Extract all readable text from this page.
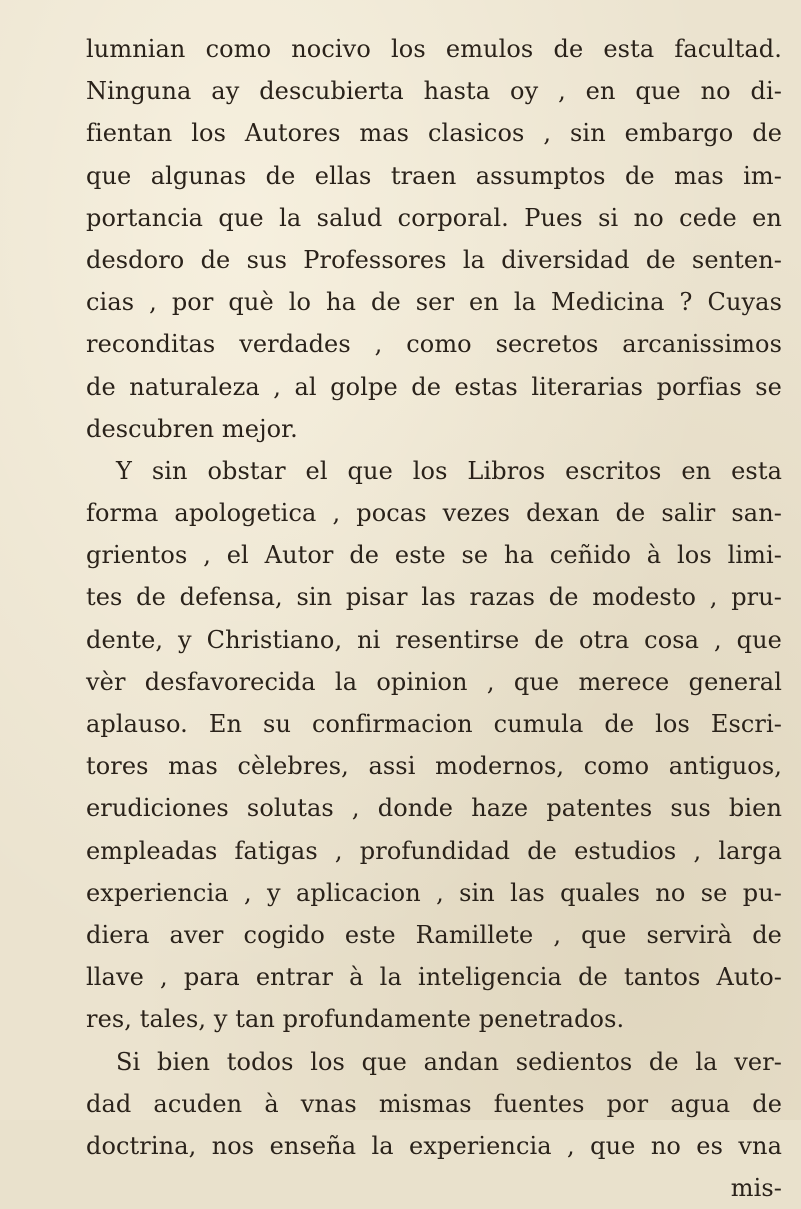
lumnian como nocivo los emulos de esta facultad.
Ninguna ay descubierta hasta oy , en que no di-
fientan los Autores mas clasicos , sin embargo de
que algunas de ellas traen assumptos de mas im-
portancia que la salud corporal. Pues si no cede en
desdoro de sus Professores la diversidad de senten-
cias , por què lo ha de ser en la Medicina ? Cuyas
reconditas verdades , como secretos arcanissimos
de naturaleza , al golpe de estas literarias porfias se
descubren mejor.
Y sin obstar el que los Libros escritos en esta
forma apologetica , pocas vezes dexan de salir san-
grientos , el Autor de este se ha ceñido à los limi-
tes de defensa, sin pisar las razas de modesto , pru-
dente, y Christiano, ni resentirse de otra cosa , que
vèr desfavorecida la opinion , que merece general
aplauso. En su confirmacion cumula de los Escri-
tores mas cèlebres, assi modernos, como antiguos,
erudiciones solutas , donde haze patentes sus bien
empleadas fatigas , profundidad de estudios , larga
experiencia , y aplicacion , sin las quales no se pu-
diera aver cogido este Ramillete , que servirà de
llave , para entrar à la inteligencia de tantos Auto-
res, tales, y tan profundamente penetrados.
Si bien todos los que andan sedientos de la ver-
dad acuden à vnas mismas fuentes por agua de
doctrina, nos enseña la experiencia , que no es vna
mis-
